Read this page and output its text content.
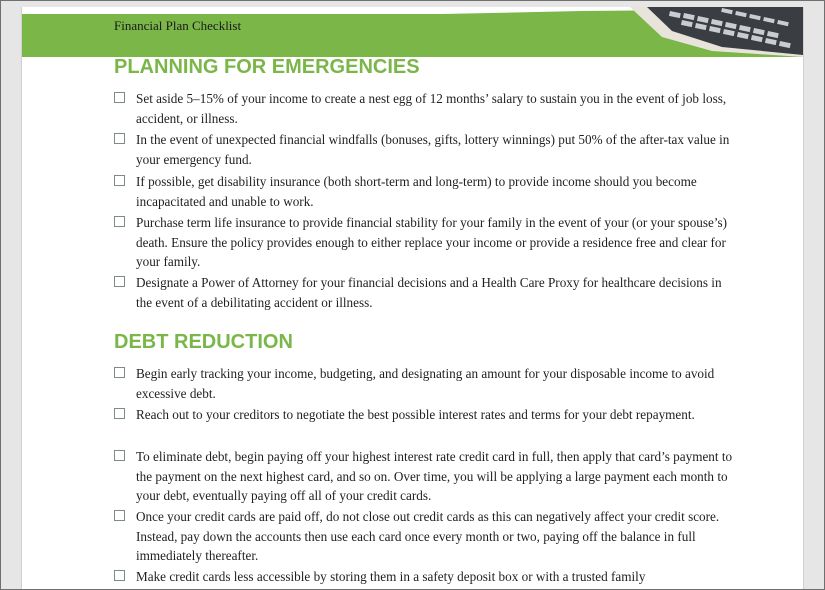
Financial Plan Checklist
PLANNING FOR EMERGENCIES
Set aside 5–15% of your income to create a nest egg of 12 months’ salary to sustain you in the event of job loss, accident, or illness.
In the event of unexpected financial windfalls (bonuses, gifts, lottery winnings) put 50% of the after-tax value in your emergency fund.
If possible, get disability insurance (both short-term and long-term) to provide income should you become incapacitated and unable to work.
Purchase term life insurance to provide financial stability for your family in the event of your (or your spouse’s) death. Ensure the policy provides enough to either replace your income or provide a residence free and clear for your family.
Designate a Power of Attorney for your financial decisions and a Health Care Proxy for healthcare decisions in the event of a debilitating accident or illness.
DEBT REDUCTION
Begin early tracking your income, budgeting, and designating an amount for your disposable income to avoid excessive debt.
Reach out to your creditors to negotiate the best possible interest rates and terms for your debt repayment.
To eliminate debt, begin paying off your highest interest rate credit card in full, then apply that card’s payment to the payment on the next highest card, and so on. Over time, you will be applying a large payment each month to your debt, eventually paying off all of your credit cards.
Once your credit cards are paid off, do not close out credit cards as this can negatively affect your credit score. Instead, pay down the accounts then use each card once every month or two, paying off the balance in full immediately thereafter.
Make credit cards less accessible by storing them in a safety deposit box or with a trusted family
